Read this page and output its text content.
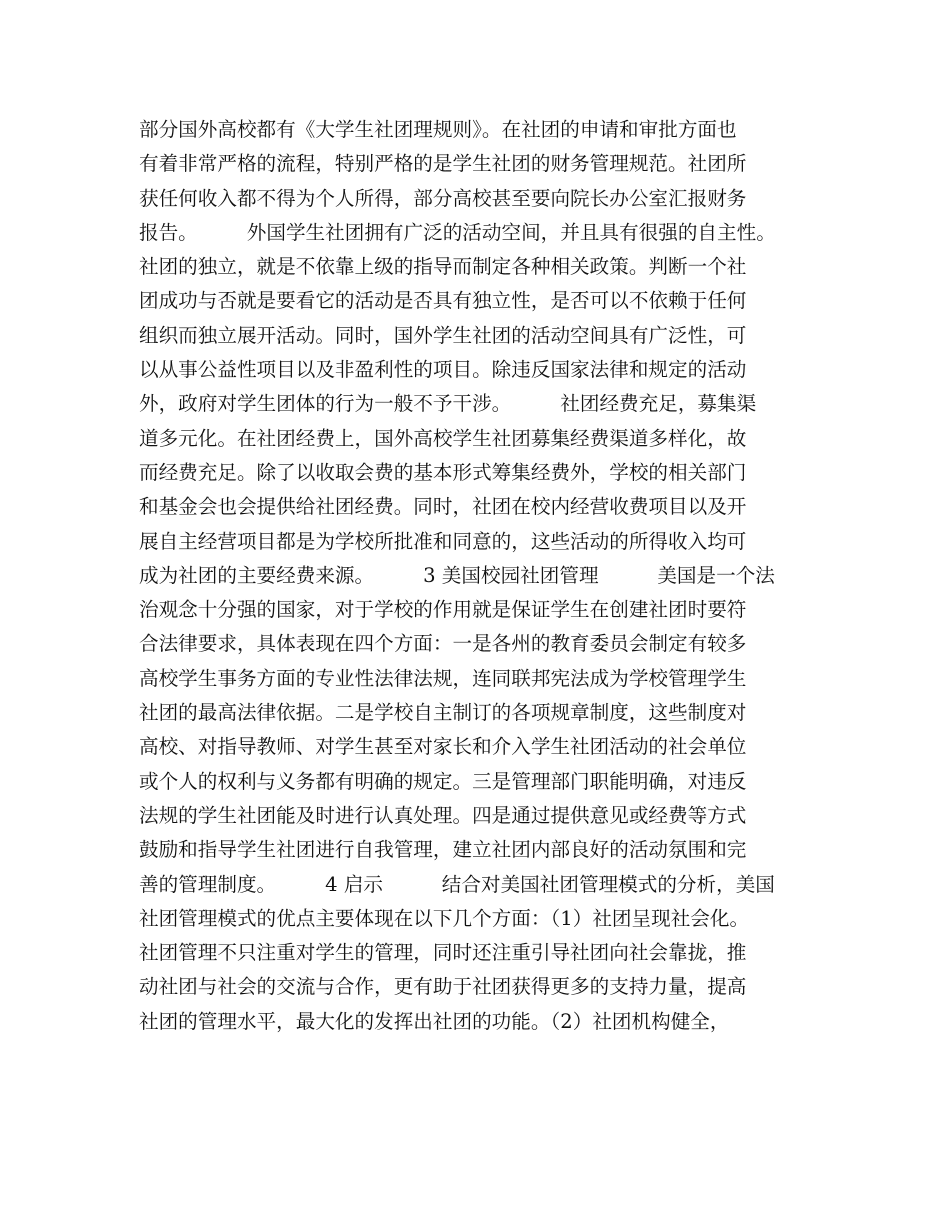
部分国外高校都有《大学生社团理规则》。在社团的申请和审批方面也
有着非常严格的流程，特别严格的是学生社团的财务管理规范。社团所
获任何收入都不得为个人所得，部分高校甚至要向院长办公室汇报财务
报告。　　　外国学生社团拥有广泛的活动空间，并且具有很强的自主性。
社团的独立，就是不依靠上级的指导而制定各种相关政策。判断一个社
团成功与否就是要看它的活动是否具有独立性，是否可以不依赖于任何
组织而独立展开活动。同时，国外学生社团的活动空间具有广泛性，可
以从事公益性项目以及非盈利性的项目。除违反国家法律和规定的活动
外，政府对学生团体的行为一般不予干涉。　　　社团经费充足，募集渠
道多元化。在社团经费上，国外高校学生社团募集经费渠道多样化，故
而经费充足。除了以收取会费的基本形式筹集经费外，学校的相关部门
和基金会也会提供给社团经费。同时，社团在校内经营收费项目以及开
展自主经营项目都是为学校所批准和同意的，这些活动的所得收入均可
成为社团的主要经费来源。　　　3 美国校园社团管理　　　美国是一个法
治观念十分强的国家，对于学校的作用就是保证学生在创建社团时要符
合法律要求，具体表现在四个方面：一是各州的教育委员会制定有较多
高校学生事务方面的专业性法律法规，连同联邦宪法成为学校管理学生
社团的最高法律依据。二是学校自主制订的各项规章制度，这些制度对
高校、对指导教师、对学生甚至对家长和介入学生社团活动的社会单位
或个人的权利与义务都有明确的规定。三是管理部门职能明确，对违反
法规的学生社团能及时进行认真处理。四是通过提供意见或经费等方式
鼓励和指导学生社团进行自我管理，建立社团内部良好的活动氛围和完
善的管理制度。　　　4 启示　　　结合对美国社团管理模式的分析，美国
社团管理模式的优点主要体现在以下几个方面：（1）社团呈现社会化。
社团管理不只注重对学生的管理，同时还注重引导社团向社会靠拢，推
动社团与社会的交流与合作，更有助于社团获得更多的支持力量，提高
社团的管理水平，最大化的发挥出社团的功能。（2）社团机构健全，
